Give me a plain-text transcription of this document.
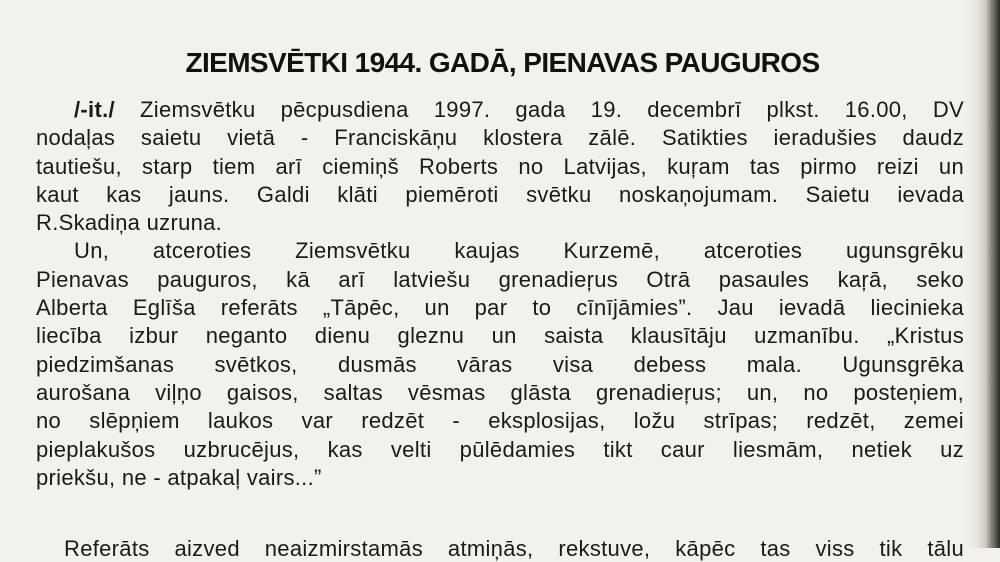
ZIEMSVĒTKI 1944. GADĀ, PIENAVAS PAUGUROS
/-it./ Ziemsvētku pēcpusdiena 1997. gada 19. decembrī plkst. 16.00, DV
nodaļas saietu vietā - Franciskāņu klostera zālē. Satikties ieradušies daudz
tautiešu, starp tiem arī ciemiņš Roberts no Latvijas, kuŗam tas pirmo reizi un
kaut kas jauns. Galdi klāti piemēroti svētku noskaņojumam. Saietu ievada
R.Skadiņa uzruna.
Un, atceroties Ziemsvētku kaujas Kurzemē, atceroties ugunsgrēku
Pienavas pauguros, kā arī latviešu grenadieŗus Otrā pasaules kaŗā, seko
Alberta Eglīša referāts „Tāpēc, un par to cīnījāmies”. Jau ievadā liecinieka
liecība izbur neganto dienu gleznu un saista klausītāju uzmanību. „Kristus
piedzimšanas svētkos, dusmās vāras visa debess mala. Ugunsgrēka
aurošana viļņo gaisos, saltas vēsmas glāsta grenadieŗus; un, no posteņiem,
no slēpņiem laukos var redzēt - eksplosijas, ložu strīpas; redzēt, zemei
pieplakušos uzbrucējus, kas velti pūlēdamies tikt caur liesmām, netiek uz
priekšu, ne - atpakaļ vairs...”
Referāts aizved neaizmirstamās atmiņās, rekstuve, kāpēc tas viss tik tālu
